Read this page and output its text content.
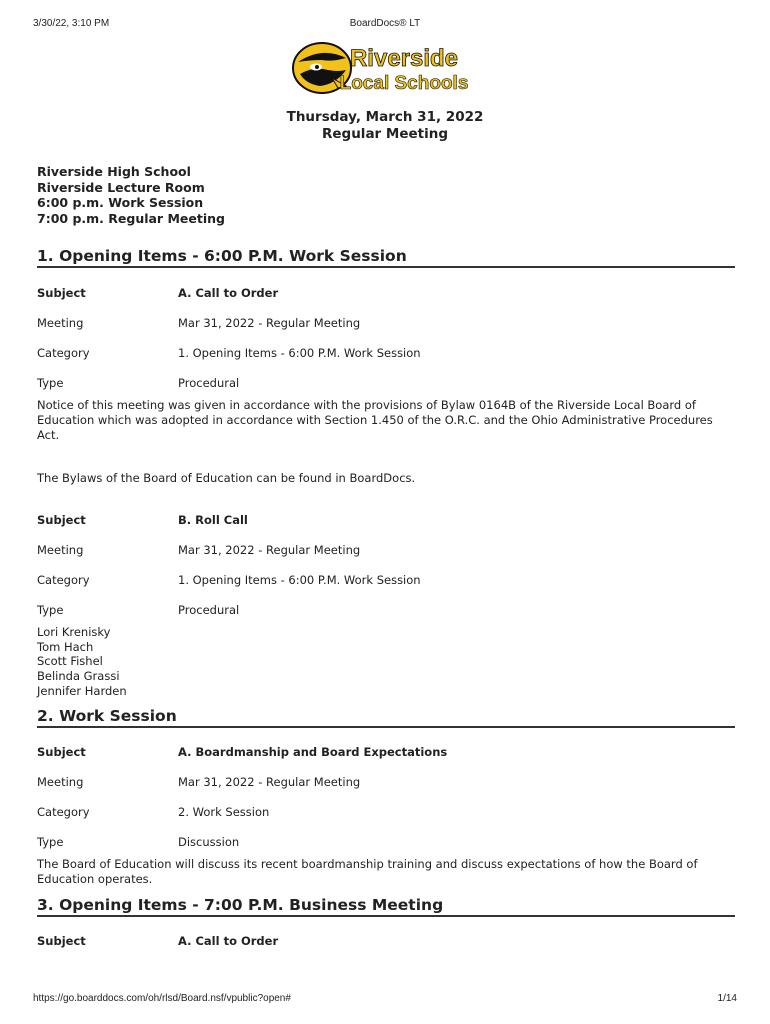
3/30/22, 3:10 PM	BoardDocs® LT
Riverside
Local Schools
Thursday, March 31, 2022
Regular Meeting
Riverside High School
Riverside Lecture Room
6:00 p.m. Work Session
7:00 p.m. Regular Meeting
1. Opening Items - 6:00 P.M. Work Session
Subject	A. Call to Order
Meeting	Mar 31, 2022 - Regular Meeting
Category	1. Opening Items - 6:00 P.M. Work Session
Type	Procedural
Notice of this meeting was given in accordance with the provisions of Bylaw 0164B of the Riverside Local Board of Education which was adopted in accordance with Section 1.450 of the O.R.C. and the Ohio Administrative Procedures Act.
The Bylaws of the Board of Education can be found in BoardDocs.
Subject	B. Roll Call
Meeting	Mar 31, 2022 - Regular Meeting
Category	1. Opening Items - 6:00 P.M. Work Session
Type	Procedural
Lori Krenisky
Tom Hach
Scott Fishel
Belinda Grassi
Jennifer Harden
2. Work Session
Subject	A. Boardmanship and Board Expectations
Meeting	Mar 31, 2022 - Regular Meeting
Category	2. Work Session
Type	Discussion
The Board of Education will discuss its recent boardmanship training and discuss expectations of how the Board of Education operates.
3. Opening Items - 7:00 P.M. Business Meeting
Subject	A. Call to Order
https://go.boarddocs.com/oh/rlsd/Board.nsf/vpublic?open#	1/14
